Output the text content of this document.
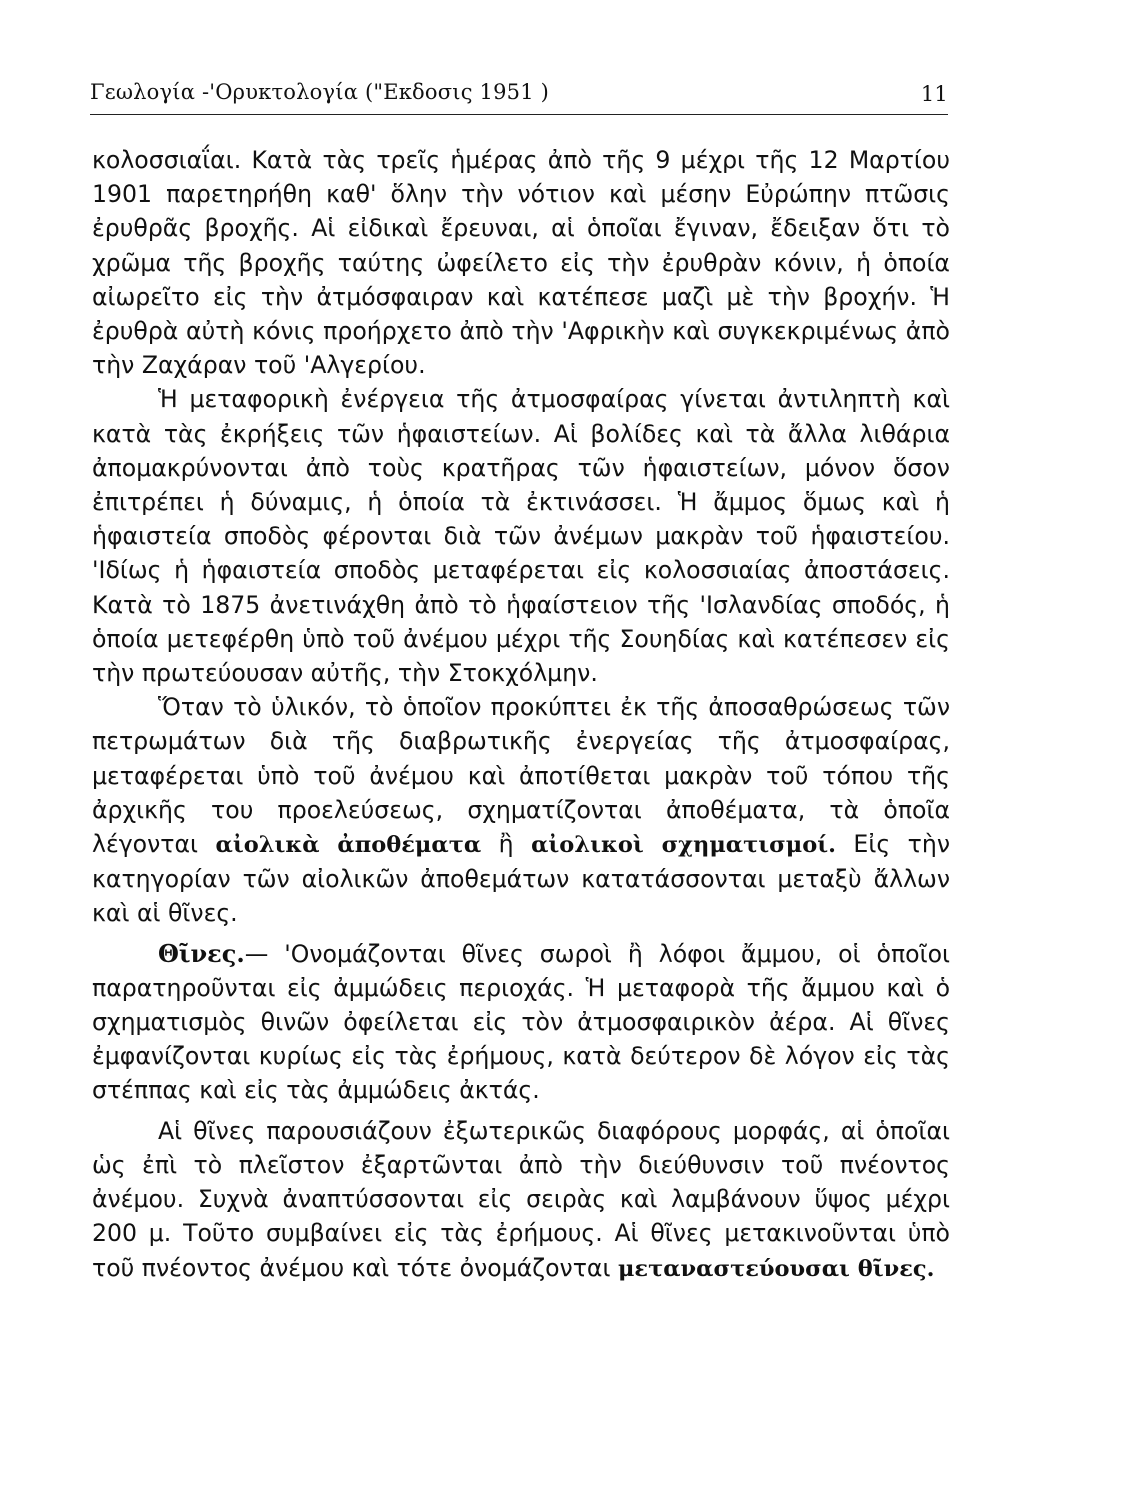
Γεωλογία -'Ορυκτολογία ("Εκδοσις 1951 )	11

κολοσσιαΐαι. Κατὰ τὰς τρεῖς ἡμέρας ἀπὸ τῆς 9 μέχρι τῆς 12 Μαρτίου 1901 παρετηρήθη καθ' ὅλην τὴν νότιον καὶ μέσην Εὐρώπην πτῶσις ἐρυθρᾶς βροχῆς. Αἱ εἰδικαὶ ἔρευναι, αἱ ὁποῖαι ἔγιναν, ἔδειξαν ὅτι τὸ χρῶμα τῆς βροχῆς ταύτης ὠφείλετο εἰς τὴν ἐρυθρὰν κόνιν, ἡ ὁποία αἰωρεῖτο εἰς τὴν ἀτμόσφαιραν καὶ κατέπεσε μαζὶ μὲ τὴν βροχήν. Ἡ ἐρυθρὰ αὐτὴ κόνις προήρχετο ἀπὸ τὴν 'Αφρικὴν καὶ συγκεκριμένως ἀπὸ τὴν Ζαχάραν τοῦ 'Αλγερίου.

Ἡ μεταφορικὴ ἐνέργεια τῆς ἀτμοσφαίρας γίνεται ἀντιληπτὴ καὶ κατὰ τὰς ἐκρήξεις τῶν ἡφαιστείων. Αἱ βολίδες καὶ τὰ ἄλλα λιθάρια ἀπομακρύνονται ἀπὸ τοὺς κρατῆρας τῶν ἡφαιστείων, μόνον ὅσον ἐπιτρέπει ἡ δύναμις, ἡ ὁποία τὰ ἐκτινάσσει. Ἡ ἄμμος ὅμως καὶ ἡ ἡφαιστεία σποδὸς φέρονται διὰ τῶν ἀνέμων μακρὰν τοῦ ἡφαιστείου. 'Ιδίως ἡ ἡφαιστεία σποδὸς μεταφέρεται εἰς κολοσσιαίας ἀποστάσεις. Κατὰ τὸ 1875 ἀνετινάχθη ἀπὸ τὸ ἡφαίστειον τῆς 'Ισλανδίας σποδός, ἡ ὁποία μετεφέρθη ὑπὸ τοῦ ἀνέμου μέχρι τῆς Σουηδίας καὶ κατέπεσεν εἰς τὴν πρωτεύουσαν αὐτῆς, τὴν Στοκχόλμην.

Ὅταν τὸ ὑλικόν, τὸ ὁποῖον προκύπτει ἐκ τῆς ἀποσαθρώσεως τῶν πετρωμάτων διὰ τῆς διαβρωτικῆς ἐνεργείας τῆς ἀτμοσφαίρας, μεταφέρεται ὑπὸ τοῦ ἀνέμου καὶ ἀποτίθεται μακρὰν τοῦ τόπου τῆς ἀρχικῆς του προελεύσεως, σχηματίζονται ἀποθέματα, τὰ ὁποῖα λέγονται αἰολικὰ ἀποθέματα ἢ αἰολικοὶ σχηματισμοί. Εἰς τὴν κατηγορίαν τῶν αἰολικῶν ἀποθεμάτων κατατάσσονται μεταξὺ ἄλλων καὶ αἱ θῖνες.

Θῖνες.— 'Ονομάζονται θῖνες σωροὶ ἢ λόφοι ἄμμου, οἱ ὁποῖοι παρατηροῦνται εἰς ἀμμώδεις περιοχάς. Ἡ μεταφορὰ τῆς ἄμμου καὶ ὁ σχηματισμὸς θινῶν ὀφείλεται εἰς τὸν ἀτμοσφαιρικὸν ἀέρα. Αἱ θῖνες ἐμφανίζονται κυρίως εἰς τὰς ἐρήμους, κατὰ δεύτερον δὲ λόγον εἰς τὰς στέππας καὶ εἰς τὰς ἀμμώδεις ἀκτάς.

Αἱ θῖνες παρουσιάζουν ἐξωτερικῶς διαφόρους μορφάς, αἱ ὁποῖαι ὡς ἐπὶ τὸ πλεῖστον ἐξαρτῶνται ἀπὸ τὴν διεύθυνσιν τοῦ πνέοντος ἀνέμου. Συχνὰ ἀναπτύσσονται εἰς σειρὰς καὶ λαμβάνουν ὕψος μέχρι 200 μ. Τοῦτο συμβαίνει εἰς τὰς ἐρήμους. Αἱ θῖνες μετακινοῦνται ὑπὸ τοῦ πνέοντος ἀνέμου καὶ τότε ὀνομάζονται μεταναστεύουσαι θῖνες.
